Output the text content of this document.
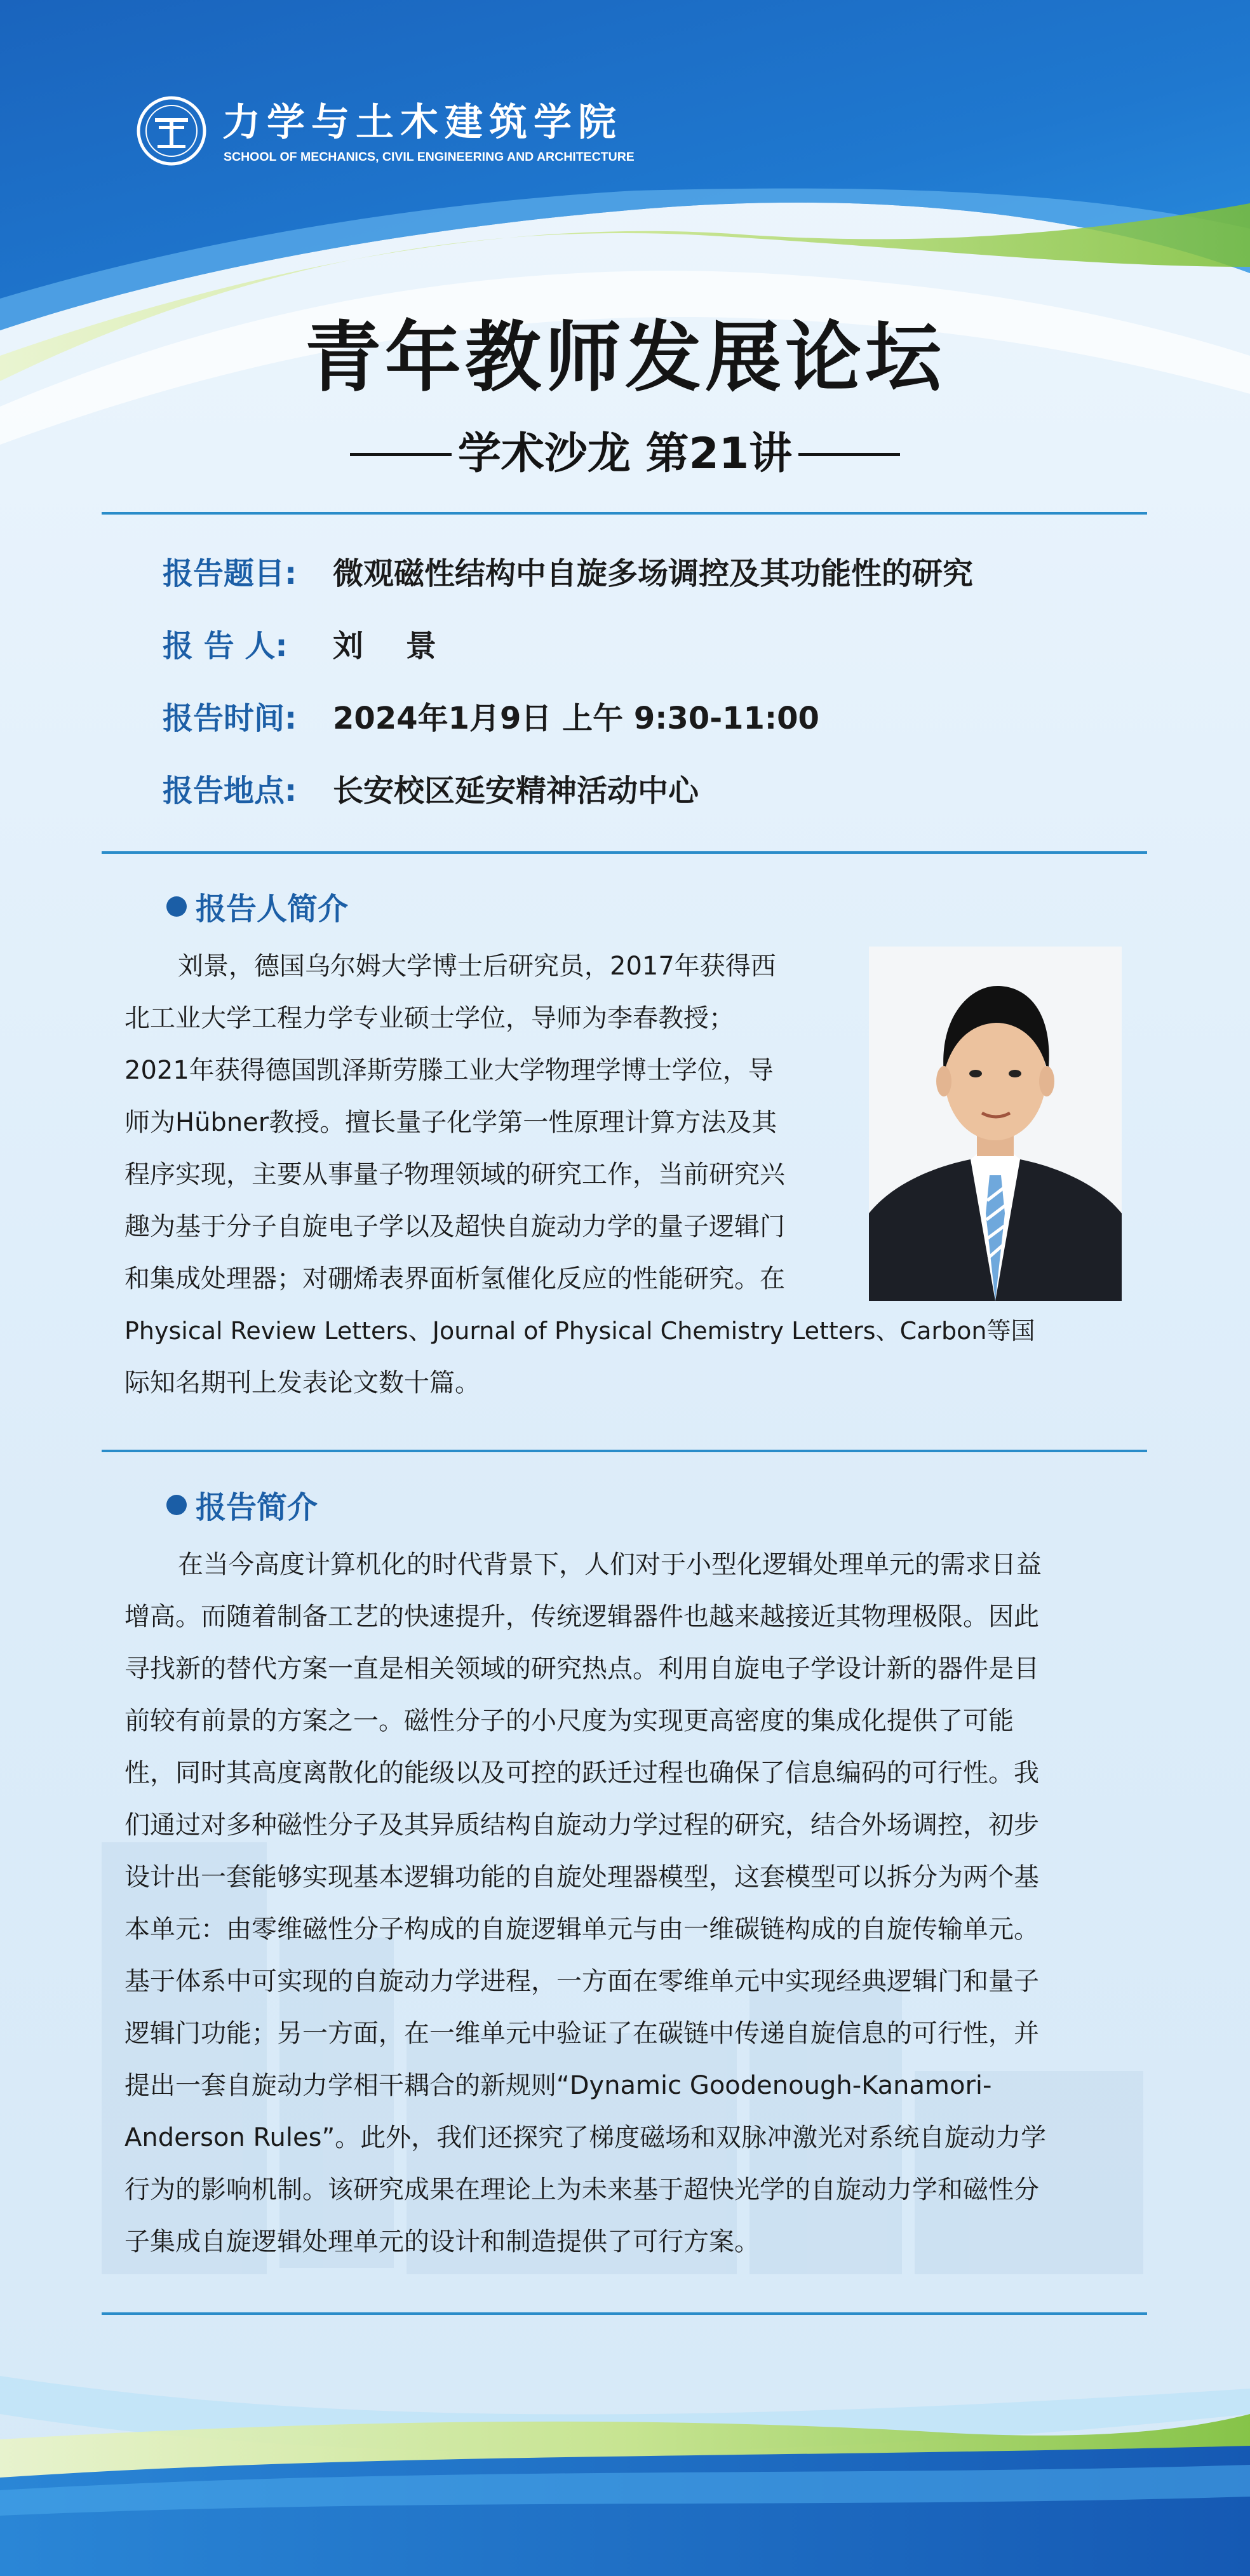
力学与土木建筑学院
SCHOOL OF MECHANICS, CIVIL ENGINEERING AND ARCHITECTURE
青年教师发展论坛
学术沙龙 第21讲
报告题目:	微观磁性结构中自旋多场调控及其功能性的研究
报 告 人:	刘    景
报告时间:	2024年1月9日 上午 9:30-11:00
报告地点:	长安校区延安精神活动中心
报告人简介
刘景，德国乌尔姆大学博士后研究员，2017年获得西
北工业大学工程力学专业硕士学位，导师为李春教授；
2021年获得德国凯泽斯劳滕工业大学物理学博士学位，导
师为Hübner教授。擅长量子化学第一性原理计算方法及其
程序实现，主要从事量子物理领域的研究工作，当前研究兴
趣为基于分子自旋电子学以及超快自旋动力学的量子逻辑门
和集成处理器；对硼烯表界面析氢催化反应的性能研究。在
Physical Review Letters、Journal of Physical Chemistry Letters、Carbon等国
际知名期刊上发表论文数十篇。
报告简介
在当今高度计算机化的时代背景下，人们对于小型化逻辑处理单元的需求日益
增高。而随着制备工艺的快速提升，传统逻辑器件也越来越接近其物理极限。因此
寻找新的替代方案一直是相关领域的研究热点。利用自旋电子学设计新的器件是目
前较有前景的方案之一。磁性分子的小尺度为实现更高密度的集成化提供了可能
性，同时其高度离散化的能级以及可控的跃迁过程也确保了信息编码的可行性。我
们通过对多种磁性分子及其异质结构自旋动力学过程的研究，结合外场调控，初步
设计出一套能够实现基本逻辑功能的自旋处理器模型，这套模型可以拆分为两个基
本单元：由零维磁性分子构成的自旋逻辑单元与由一维碳链构成的自旋传输单元。
基于体系中可实现的自旋动力学进程，一方面在零维单元中实现经典逻辑门和量子
逻辑门功能；另一方面，在一维单元中验证了在碳链中传递自旋信息的可行性，并
提出一套自旋动力学相干耦合的新规则“Dynamic Goodenough-Kanamori-
Anderson Rules”。此外，我们还探究了梯度磁场和双脉冲激光对系统自旋动力学
行为的影响机制。该研究成果在理论上为未来基于超快光学的自旋动力学和磁性分
子集成自旋逻辑处理单元的设计和制造提供了可行方案。
